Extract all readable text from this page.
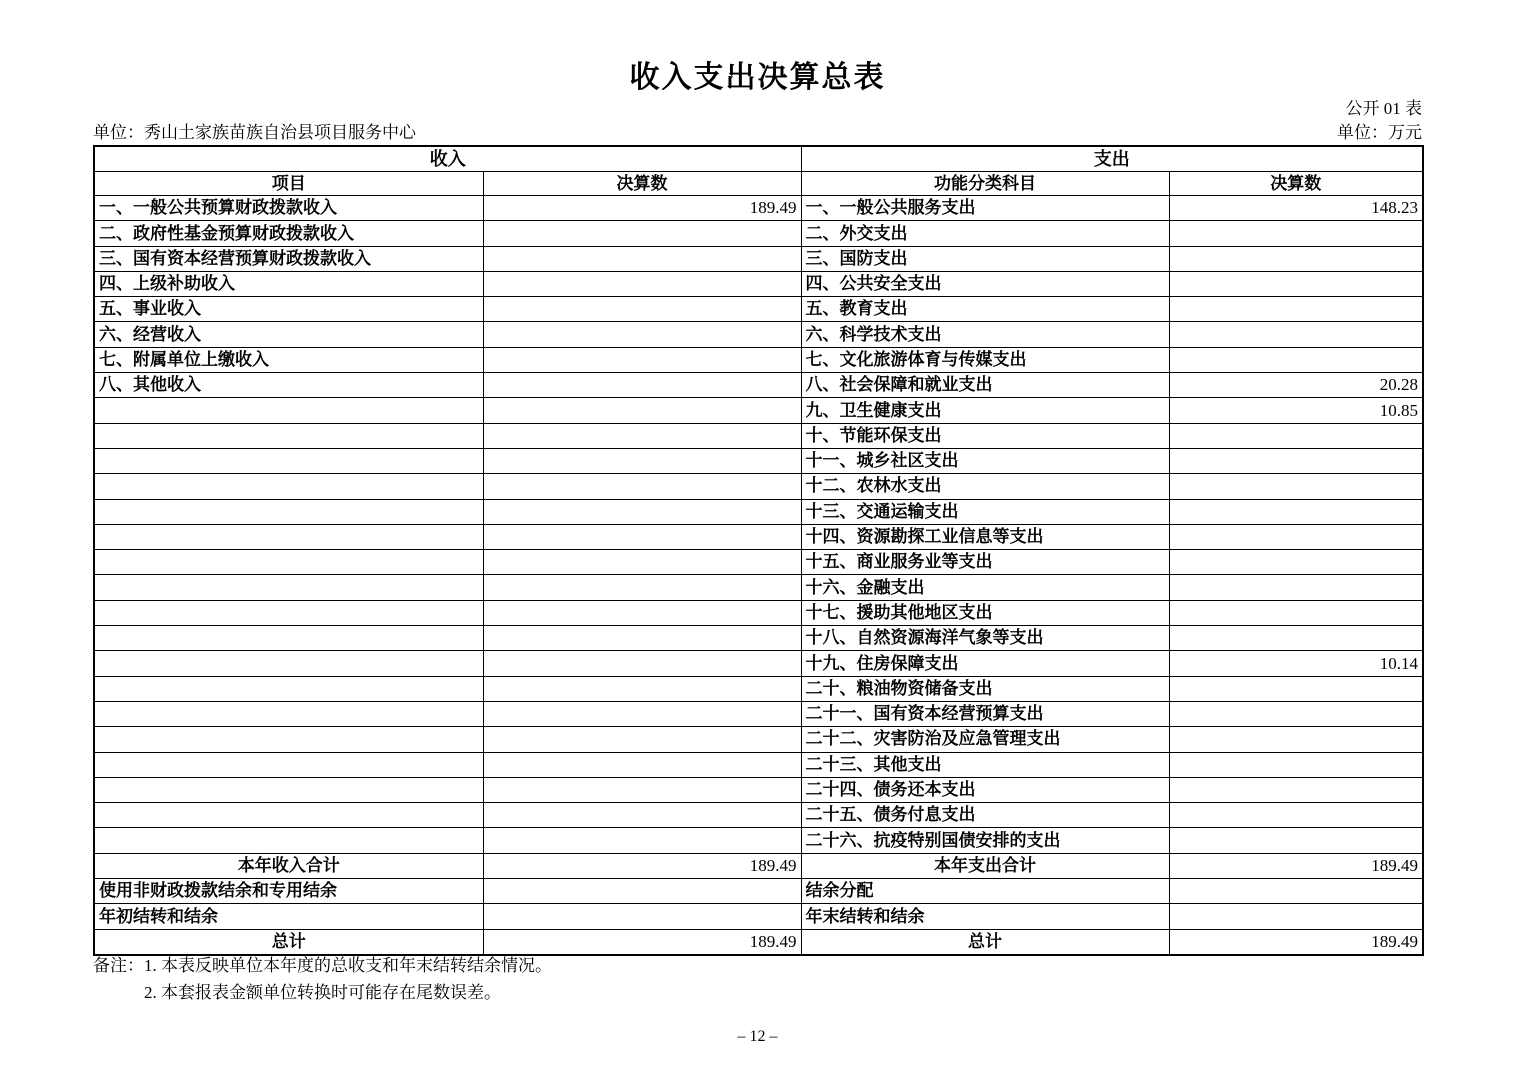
收入支出决算总表
公开 01 表
单位：秀山土家族苗族自治县项目服务中心	单位：万元
收入		支出	
项目	决算数	功能分类科目	决算数
一、一般公共预算财政拨款收入	189.49	一、一般公共服务支出	148.23
二、政府性基金预算财政拨款收入		二、外交支出	
三、国有资本经营预算财政拨款收入		三、国防支出	
四、上级补助收入		四、公共安全支出	
五、事业收入		五、教育支出	
六、经营收入		六、科学技术支出	
七、附属单位上缴收入		七、文化旅游体育与传媒支出	
八、其他收入		八、社会保障和就业支出	20.28
		九、卫生健康支出	10.85
		十、节能环保支出	
		十一、城乡社区支出	
		十二、农林水支出	
		十三、交通运输支出	
		十四、资源勘探工业信息等支出	
		十五、商业服务业等支出	
		十六、金融支出	
		十七、援助其他地区支出	
		十八、自然资源海洋气象等支出	
		十九、住房保障支出	10.14
		二十、粮油物资储备支出	
		二十一、国有资本经营预算支出	
		二十二、灾害防治及应急管理支出	
		二十三、其他支出	
		二十四、债务还本支出	
		二十五、债务付息支出	
		二十六、抗疫特别国债安排的支出	
本年收入合计	189.49	本年支出合计	189.49
使用非财政拨款结余和专用结余		结余分配	
年初结转和结余		年末结转和结余	
总计	189.49	总计	189.49
备注： 1. 本表反映单位本年度的总收支和年末结转结余情况。
2. 本套报表金额单位转换时可能存在尾数误差。
– 12 –
